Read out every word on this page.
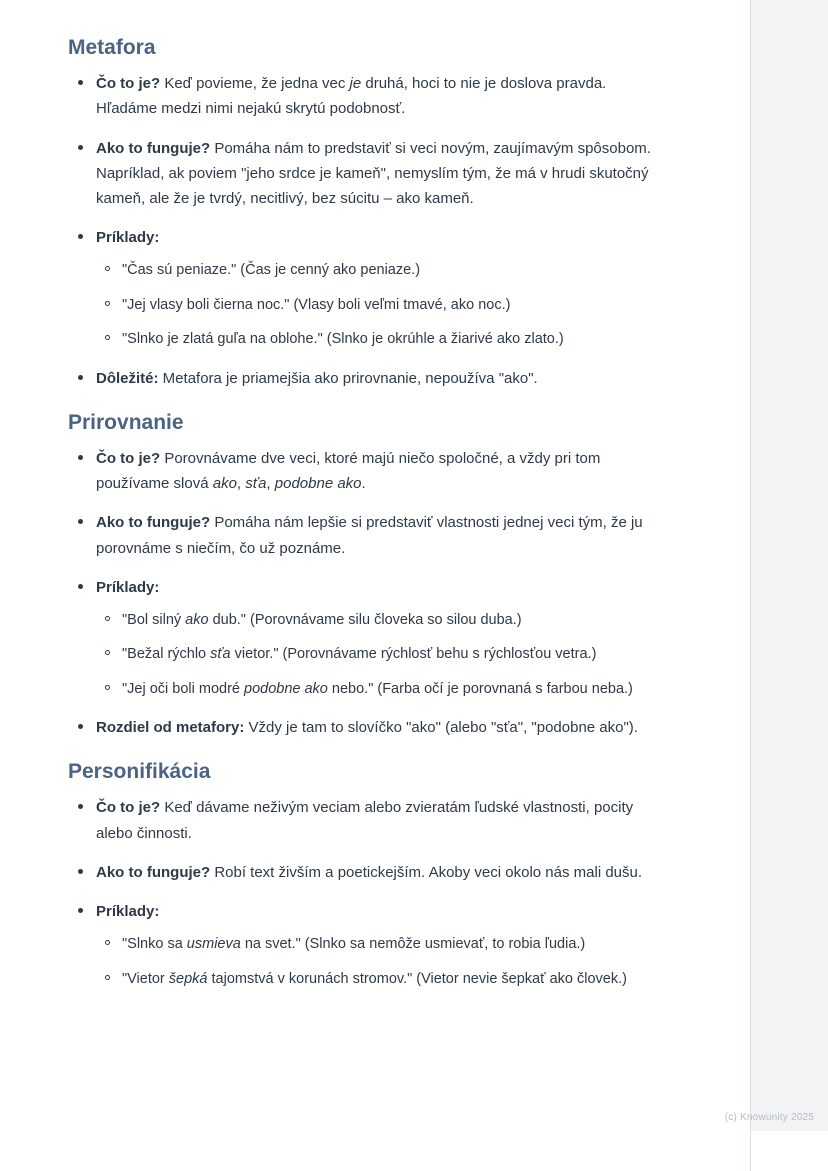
Metafora
Čo to je? Keď povieme, že jedna vec je druhá, hoci to nie je doslova pravda. Hľadáme medzi nimi nejakú skrytú podobnosť.
Ako to funguje? Pomáha nám to predstaviť si veci novým, zaujímavým spôsobom. Napríklad, ak poviem "jeho srdce je kameň", nemyslím tým, že má v hrudi skutočný kameň, ale že je tvrdý, necitlivý, bez súcitu – ako kameň.
Príklady:
"Čas sú peniaze." (Čas je cenný ako peniaze.)
"Jej vlasy boli čierna noc." (Vlasy boli veľmi tmavé, ako noc.)
"Slnko je zlatá guľa na oblohe." (Slnko je okrúhle a žiarivé ako zlato.)
Dôležité: Metafora je priamejšia ako prirovnanie, nepoužíva "ako".
Prirovnanie
Čo to je? Porovnávame dve veci, ktoré majú niečo spoločné, a vždy pri tom používame slová ako, sťa, podobne ako.
Ako to funguje? Pomáha nám lepšie si predstaviť vlastnosti jednej veci tým, že ju porovnáme s niečím, čo už poznáme.
Príklady:
"Bol silný ako dub." (Porovnávame silu človeka so silou duba.)
"Bežal rýchlo sťa vietor." (Porovnávame rýchlosť behu s rýchlosťou vetra.)
"Jej oči boli modré podobne ako nebo." (Farba očí je porovnaná s farbou neba.)
Rozdiel od metafory: Vždy je tam to slovíčko "ako" (alebo "sťa", "podobne ako").
Personifikácia
Čo to je? Keď dávame neživým veciam alebo zvieratám ľudské vlastnosti, pocity alebo činnosti.
Ako to funguje? Robí text živším a poetickejším. Akoby veci okolo nás mali dušu.
Príklady:
"Slnko sa usmieva na svet." (Slnko sa nemôže usmievať, to robia ľudia.)
"Vietor šepká tajomstvá v korunách stromov." (Vietor nevie šepkať ako človek.)
(c) Knowunity 2025
